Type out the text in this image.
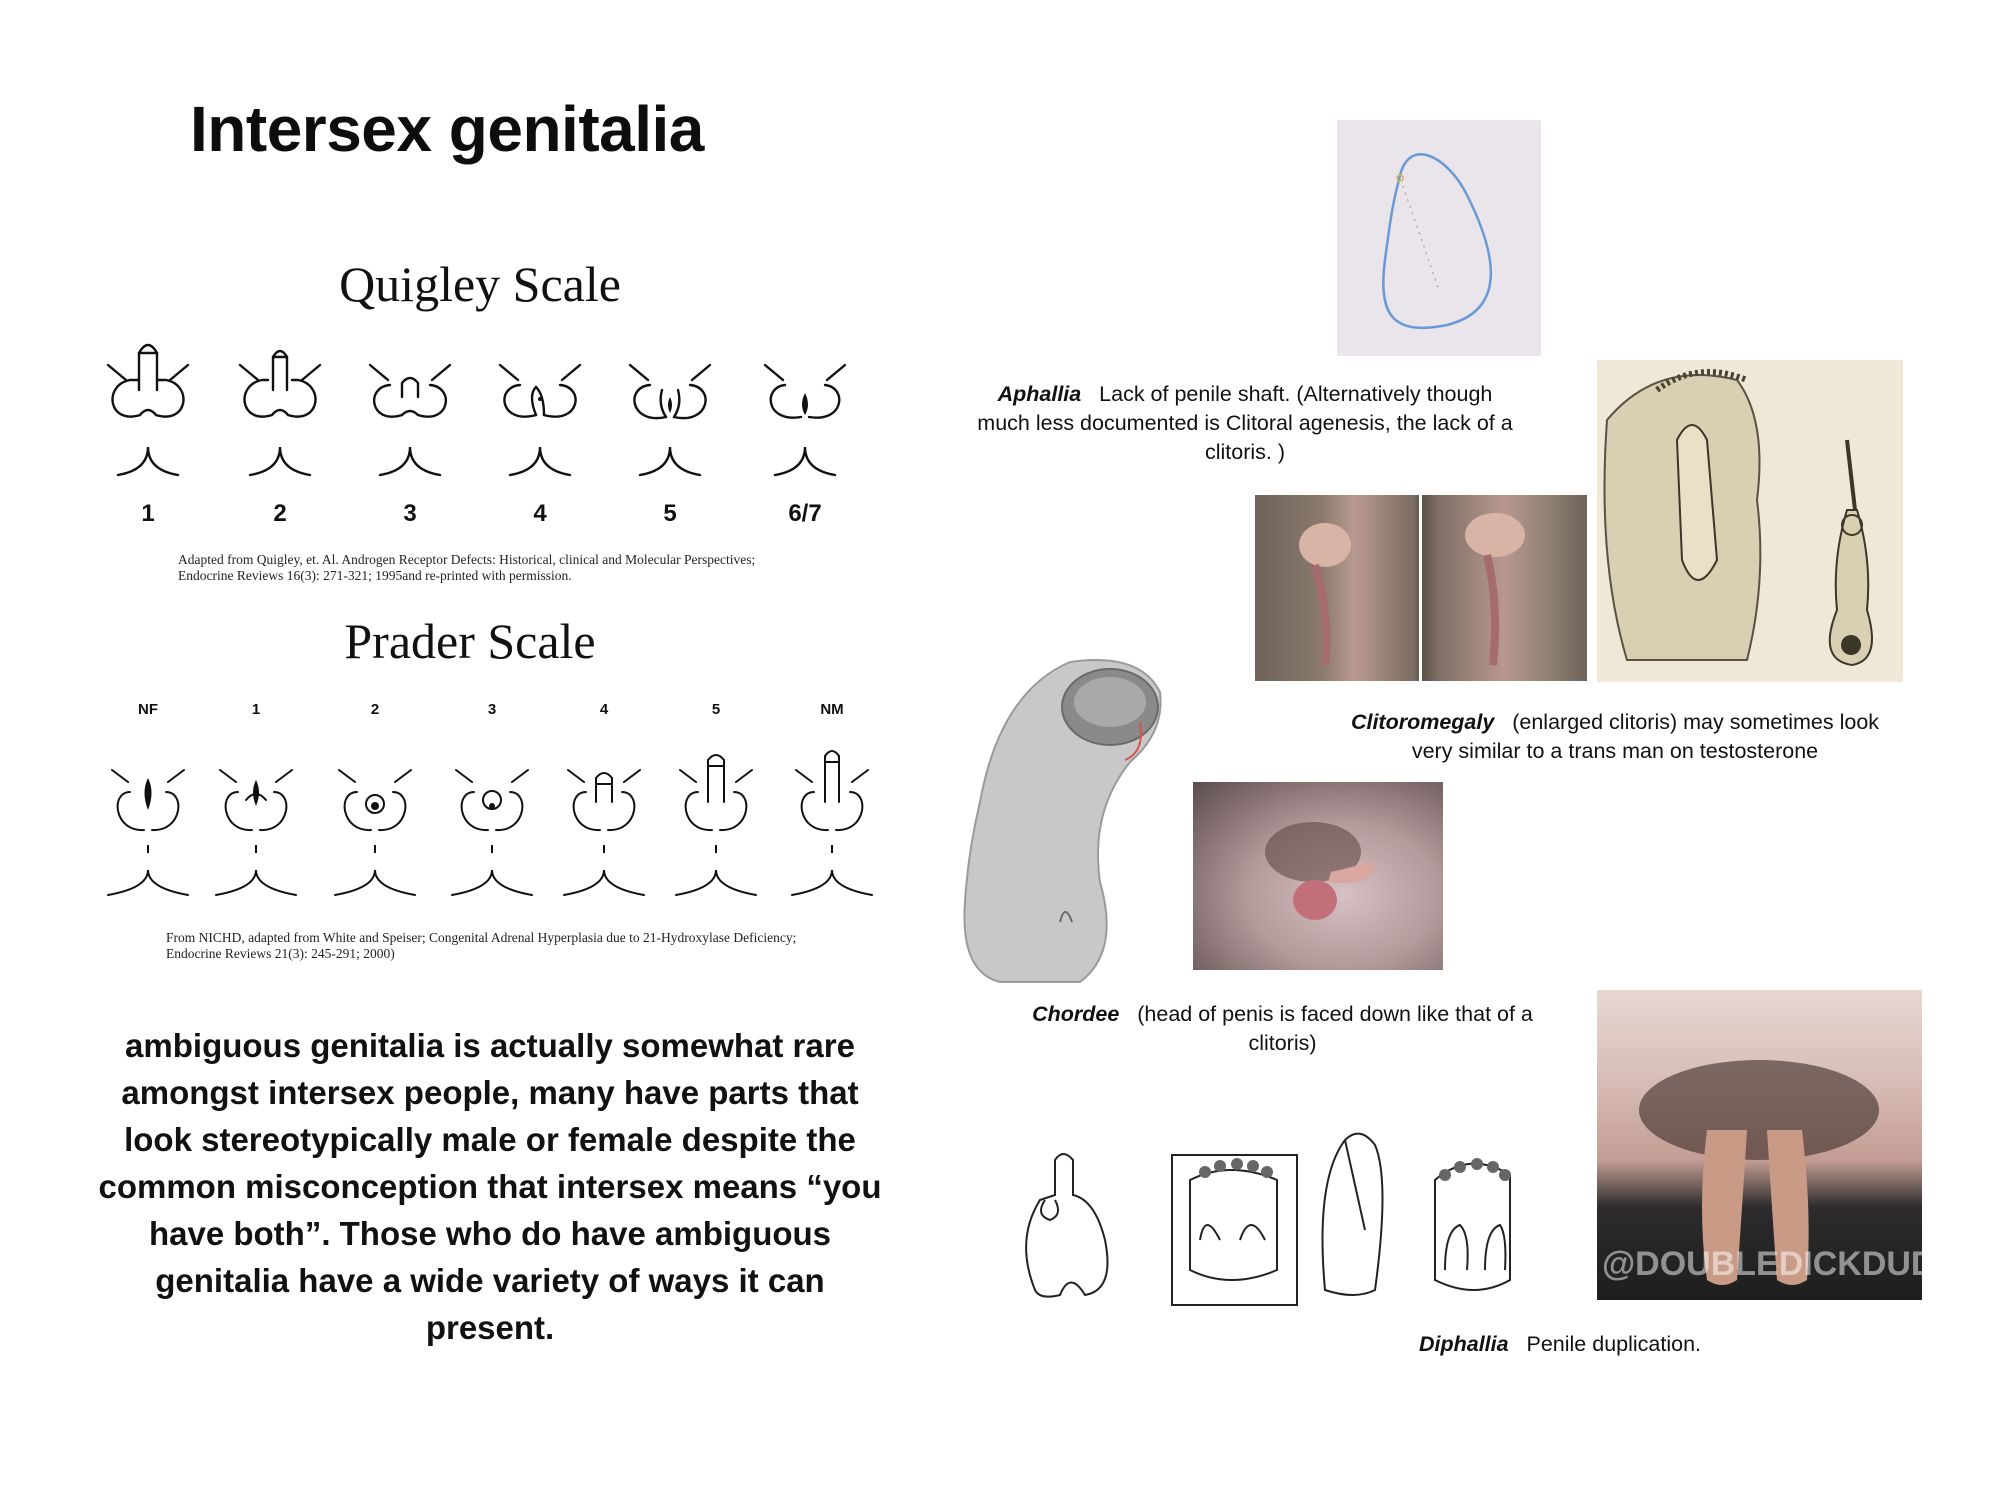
Intersex genitalia
Quigley Scale
1	2	3	4	5	6/7
Adapted from Quigley, et. Al. Androgen Receptor Defects: Historical, clinical and Molecular Perspectives;
Endocrine Reviews 16(3): 271-321; 1995and re-printed with permission.
Prader Scale
NF	1	2	3	4	5	NM
From NICHD, adapted from White and Speiser; Congenital Adrenal Hyperplasia due to 21-Hydroxylase Deficiency;
Endocrine Reviews 21(3): 245-291; 2000)
ambiguous genitalia is actually somewhat rare amongst intersex people, many have parts that look stereotypically male or female despite the common misconception that intersex means “you have both”. Those who do have ambiguous genitalia have a wide variety of ways it can present.
Aphallia Lack of penile shaft. (Alternatively though
much less documented is Clitoral agenesis, the lack of a
clitoris. )
Clitoromegaly (enlarged clitoris) may sometimes look
very similar to a trans man on testosterone
Chordee (head of penis is faced down like that of a
clitoris)
@DOUBLEDICKDUDE
Diphallia Penile duplication.
